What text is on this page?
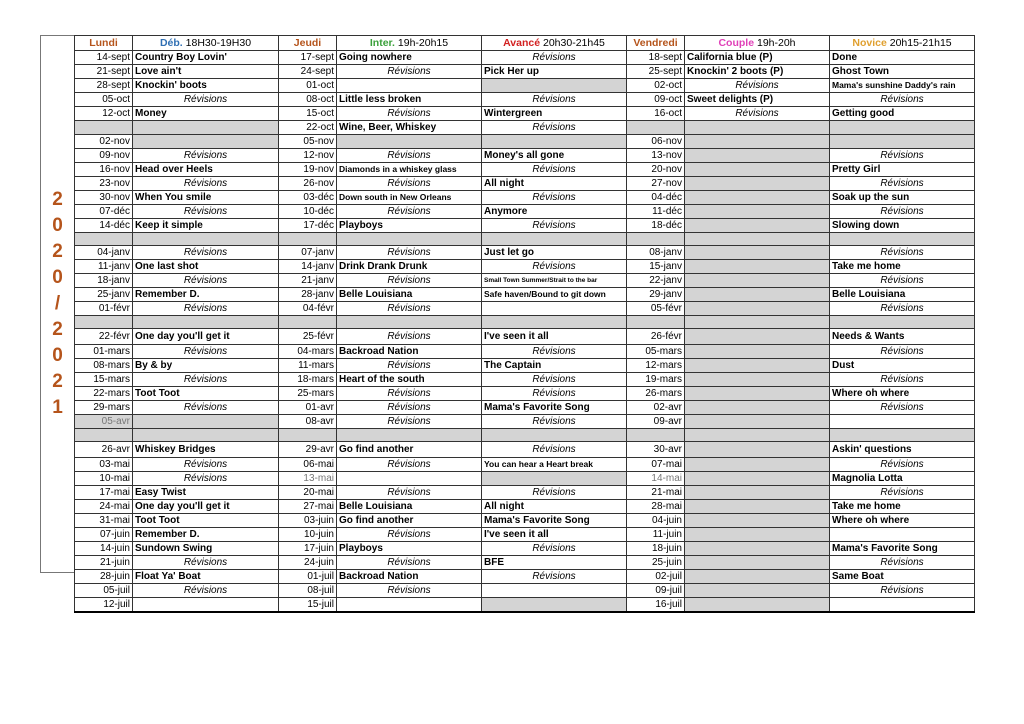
2
0
2
0
/
2
0
2
1
Lundi	Déb. 18H30-19H30	Jeudi	Inter. 19h-20h15	Avancé 20h30-21h45	Vendredi	Couple 19h-20h	Novice 20h15-21h15
14-sept	Country Boy Lovin'	17-sept	Going nowhere	Révisions	18-sept	California blue (P)	Done
21-sept	Love ain't	24-sept	Révisions	Pick Her up	25-sept	Knockin' 2 boots (P)	Ghost Town
28-sept	Knockin' boots	01-oct			02-oct	Révisions	Mama's sunshine Daddy's rain
05-oct	Révisions	08-oct	Little less broken	Révisions	09-oct	Sweet delights (P)	Révisions
12-oct	Money	15-oct	Révisions	Wintergreen	16-oct	Révisions	Getting good
		22-oct	Wine, Beer, Whiskey	Révisions			
02-nov		05-nov			06-nov		
09-nov	Révisions	12-nov	Révisions	Money's all gone	13-nov		Révisions
16-nov	Head over Heels	19-nov	Diamonds in a whiskey glass	Révisions	20-nov		Pretty Girl
23-nov	Révisions	26-nov	Révisions	All night	27-nov		Révisions
30-nov	When You smile	03-déc	Down south in New Orleans	Révisions	04-déc		Soak up the sun
07-déc	Révisions	10-déc	Révisions	Anymore	11-déc		Révisions
14-déc	Keep it simple	17-déc	Playboys	Révisions	18-déc		Slowing down

04-janv	Révisions	07-janv	Révisions	Just let go	08-janv		Révisions
11-janv	One last shot	14-janv	Drink Drank Drunk	Révisions	15-janv		Take me home
18-janv	Révisions	21-janv	Révisions	Small Town Summer/Strait to the bar	22-janv		Révisions
25-janv	Remember D.	28-janv	Belle Louisiana	Safe haven/Bound to git down	29-janv		Belle Louisiana
01-févr	Révisions	04-févr	Révisions		05-févr		Révisions

22-févr	One day you'll get it	25-févr	Révisions	I've seen it all	26-févr		Needs & Wants
01-mars	Révisions	04-mars	Backroad Nation	Révisions	05-mars		Révisions
08-mars	By & by	11-mars	Révisions	The Captain	12-mars		Dust
15-mars	Révisions	18-mars	Heart of the south	Révisions	19-mars		Révisions
22-mars	Toot Toot	25-mars	Révisions	Révisions	26-mars		Where oh where
29-mars	Révisions	01-avr	Révisions	Mama's Favorite Song	02-avr		Révisions
05-avr		08-avr	Révisions	Révisions	09-avr		

26-avr	Whiskey Bridges	29-avr	Go find another	Révisions	30-avr		Askin' questions
03-mai	Révisions	06-mai	Révisions	You can hear a Heart break	07-mai		Révisions
10-mai	Révisions	13-mai			14-mai		Magnolia Lotta
17-mai	Easy Twist	20-mai	Révisions	Révisions	21-mai		Révisions
24-mai	One day you'll get it	27-mai	Belle Louisiana	All night	28-mai		Take me home
31-mai	Toot Toot	03-juin	Go find another	Mama's Favorite Song	04-juin		Where oh where
07-juin	Remember D.	10-juin	Révisions	I've seen it all	11-juin		
14-juin	Sundown Swing	17-juin	Playboys	Révisions	18-juin		Mama's Favorite Song
21-juin	Révisions	24-juin	Révisions	BFE	25-juin		Révisions
28-juin	Float Ya' Boat	01-juil	Backroad Nation	Révisions	02-juil		Same Boat
05-juil	Révisions	08-juil	Révisions		09-juil		Révisions
12-juil		15-juil			16-juil		
